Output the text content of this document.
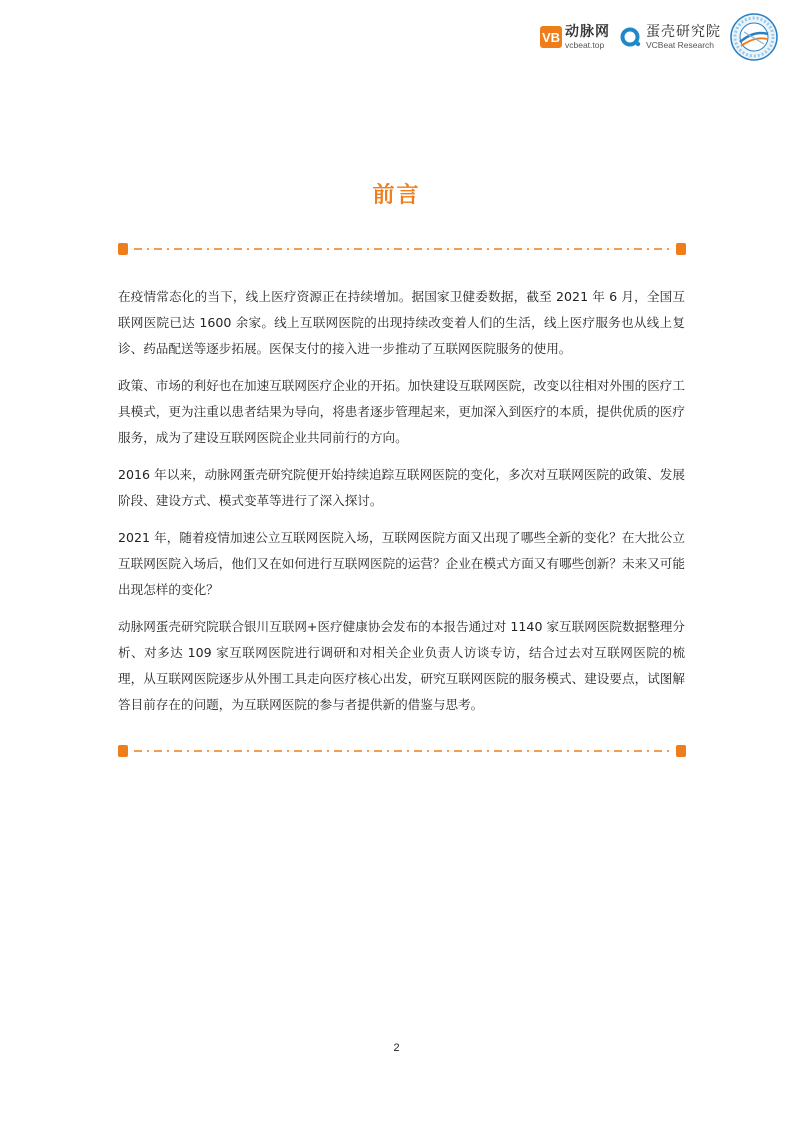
VB 动脉网
vcbeat.top
蛋壳研究院
VCBeat Research
前言

在疫情常态化的当下，线上医疗资源正在持续增加。据国家卫健委数据，截至 2021 年 6 月，全国互联网医院已达 1600 余家。线上互联网医院的出现持续改变着人们的生活，线上医疗服务也从线上复诊、药品配送等逐步拓展。医保支付的接入进一步推动了互联网医院服务的使用。

政策、市场的利好也在加速互联网医疗企业的开拓。加快建设互联网医院，改变以往相对外围的医疗工具模式，更为注重以患者结果为导向，将患者逐步管理起来，更加深入到医疗的本质，提供优质的医疗服务，成为了建设互联网医院企业共同前行的方向。

2016 年以来，动脉网蛋壳研究院便开始持续追踪互联网医院的变化，多次对互联网医院的政策、发展阶段、建设方式、模式变革等进行了深入探讨。

2021 年，随着疫情加速公立互联网医院入场，互联网医院方面又出现了哪些全新的变化？在大批公立互联网医院入场后，他们又在如何进行互联网医院的运营？企业在模式方面又有哪些创新？未来又可能出现怎样的变化？

动脉网蛋壳研究院联合银川互联网+医疗健康协会发布的本报告通过对 1140 家互联网医院数据整理分析、对多达 109 家互联网医院进行调研和对相关企业负责人访谈专访，结合过去对互联网医院的梳理，从互联网医院逐步从外围工具走向医疗核心出发，研究互联网医院的服务模式、建设要点，试图解答目前存在的问题，为互联网医院的参与者提供新的借鉴与思考。

2
